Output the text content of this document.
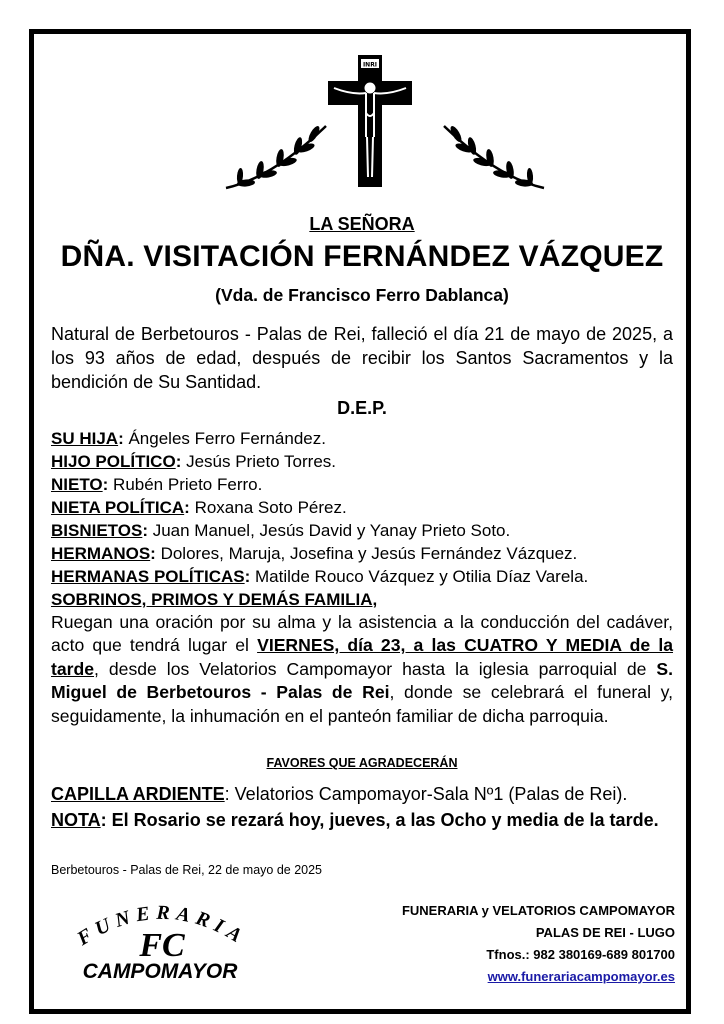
INRI
LA SEÑORA
DÑA. VISITACIÓN FERNÁNDEZ VÁZQUEZ
(Vda. de Francisco Ferro Dablanca)
Natural de Berbetouros - Palas de Rei, falleció el día 21 de mayo de 2025, a los 93 años de edad, después de recibir los Santos Sacramentos y la bendición de Su Santidad.
D.E.P.
SU HIJA: Ángeles Ferro Fernández.
HIJO POLÍTICO: Jesús Prieto Torres.
NIETO: Rubén Prieto Ferro.
NIETA POLÍTICA: Roxana Soto Pérez.
BISNIETOS: Juan Manuel, Jesús David y Yanay Prieto Soto.
HERMANOS: Dolores, Maruja, Josefina y Jesús Fernández Vázquez.
HERMANAS POLÍTICAS: Matilde Rouco Vázquez y Otilia Díaz Varela.
SOBRINOS, PRIMOS Y DEMÁS FAMILIA,
Ruegan una oración por su alma y la asistencia a la conducción del cadáver, acto que tendrá lugar el VIERNES, día 23, a las CUATRO Y MEDIA de la tarde, desde los Velatorios Campomayor hasta la iglesia parroquial de S. Miguel de Berbetouros - Palas de Rei, donde se celebrará el funeral y, seguidamente, la inhumación en el panteón familiar de dicha parroquia.
FAVORES QUE AGRADECERÁN
CAPILLA ARDIENTE: Velatorios Campomayor-Sala Nº1 (Palas de Rei).
NOTA: El Rosario se rezará hoy, jueves, a las Ocho y media de la tarde.
Berbetouros - Palas de Rei, 22 de mayo de 2025
FUNERARIA
FC
CAMPOMAYOR
FUNERARIA y VELATORIOS CAMPOMAYOR
PALAS DE REI - LUGO
Tfnos.: 982 380169-689 801700
www.funerariacampomayor.es
